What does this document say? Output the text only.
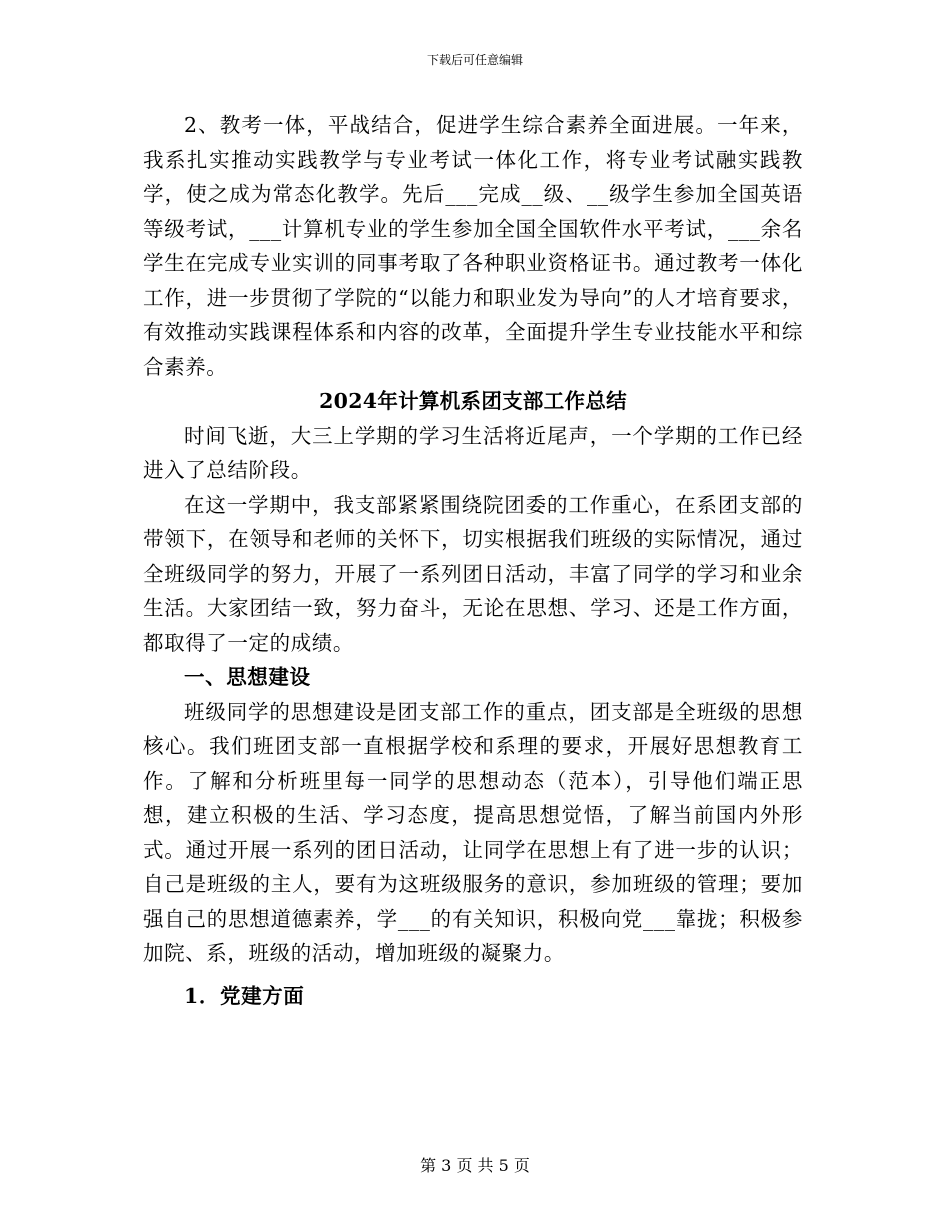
下载后可任意编辑

2、教考一体，平战结合，促进学生综合素养全面进展。一年来，我系扎实推动实践教学与专业考试一体化工作，将专业考试融实践教学，使之成为常态化教学。先后___完成__级、__级学生参加全国英语等级考试，___计算机专业的学生参加全国全国软件水平考试，___余名学生在完成专业实训的同事考取了各种职业资格证书。通过教考一体化工作，进一步贯彻了学院的“以能力和职业发为导向”的人才培育要求，有效推动实践课程体系和内容的改革，全面提升学生专业技能水平和综合素养。

2024年计算机系团支部工作总结

时间飞逝，大三上学期的学习生活将近尾声，一个学期的工作已经进入了总结阶段。

在这一学期中，我支部紧紧围绕院团委的工作重心，在系团支部的带领下，在领导和老师的关怀下，切实根据我们班级的实际情况，通过全班级同学的努力，开展了一系列团日活动，丰富了同学的学习和业余生活。大家团结一致，努力奋斗，无论在思想、学习、还是工作方面，都取得了一定的成绩。

一、思想建设

班级同学的思想建设是团支部工作的重点，团支部是全班级的思想核心。我们班团支部一直根据学校和系理的要求，开展好思想教育工作。了解和分析班里每一同学的思想动态（范本），引导他们端正思想，建立积极的生活、学习态度，提高思想觉悟，了解当前国内外形式。通过开展一系列的团日活动，让同学在思想上有了进一步的认识；自己是班级的主人，要有为这班级服务的意识，参加班级的管理；要加强自己的思想道德素养，学___的有关知识，积极向党___靠拢；积极参加院、系，班级的活动，增加班级的凝聚力。

1．党建方面

第 3 页 共 5 页
